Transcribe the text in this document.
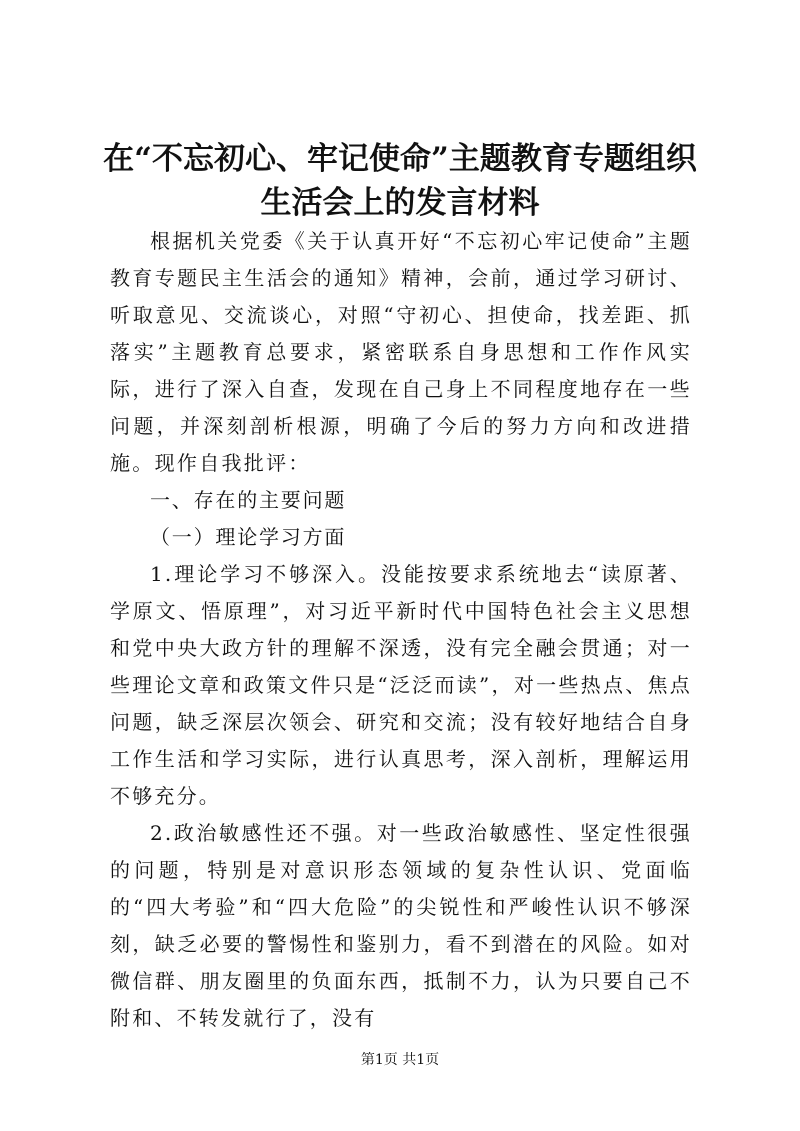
在“不忘初心、牢记使命”主题教育专题组织
生活会上的发言材料

根据机关党委《关于认真开好“不忘初心牢记使命”主题教育专题民主生活会的通知》精神，会前，通过学习研讨、听取意见、交流谈心，对照“守初心、担使命，找差距、抓落实”主题教育总要求，紧密联系自身思想和工作作风实际，进行了深入自查，发现在自己身上不同程度地存在一些问题，并深刻剖析根源，明确了今后的努力方向和改进措施。现作自我批评：

一、存在的主要问题

（一）理论学习方面

1.理论学习不够深入。没能按要求系统地去“读原著、学原文、悟原理”，对习近平新时代中国特色社会主义思想和党中央大政方针的理解不深透，没有完全融会贯通；对一些理论文章和政策文件只是“泛泛而读”，对一些热点、焦点问题，缺乏深层次领会、研究和交流；没有较好地结合自身工作生活和学习实际，进行认真思考，深入剖析，理解运用不够充分。

2.政治敏感性还不强。对一些政治敏感性、坚定性很强的问题，特别是对意识形态领域的复杂性认识、党面临的“四大考验”和“四大危险”的尖锐性和严峻性认识不够深刻，缺乏必要的警惕性和鉴别力，看不到潜在的风险。如对微信群、朋友圈里的负面东西，抵制不力，认为只要自己不附和、不转发就行了，没有

第1页 共1页
